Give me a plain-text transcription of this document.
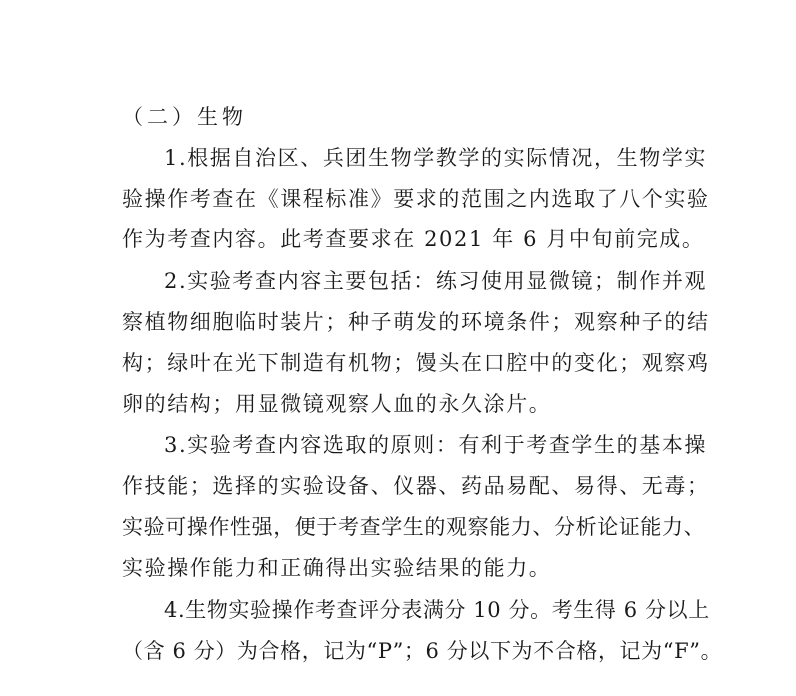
（二）生物
1.根据自治区、兵团生物学教学的实际情况，生物学实
验操作考查在《课程标准》要求的范围之内选取了八个实验
作为考查内容。此考查要求在 2021 年 6 月中旬前完成。
2.实验考查内容主要包括：练习使用显微镜；制作并观
察植物细胞临时装片；种子萌发的环境条件；观察种子的结
构；绿叶在光下制造有机物；馒头在口腔中的变化；观察鸡
卵的结构；用显微镜观察人血的永久涂片。
3.实验考查内容选取的原则：有利于考查学生的基本操
作技能；选择的实验设备、仪器、药品易配、易得、无毒；
实验可操作性强，便于考查学生的观察能力、分析论证能力、
实验操作能力和正确得出实验结果的能力。
4.生物实验操作考查评分表满分 10 分。考生得 6 分以上
（含 6 分）为合格，记为“P”；6 分以下为不合格，记为“F”。
